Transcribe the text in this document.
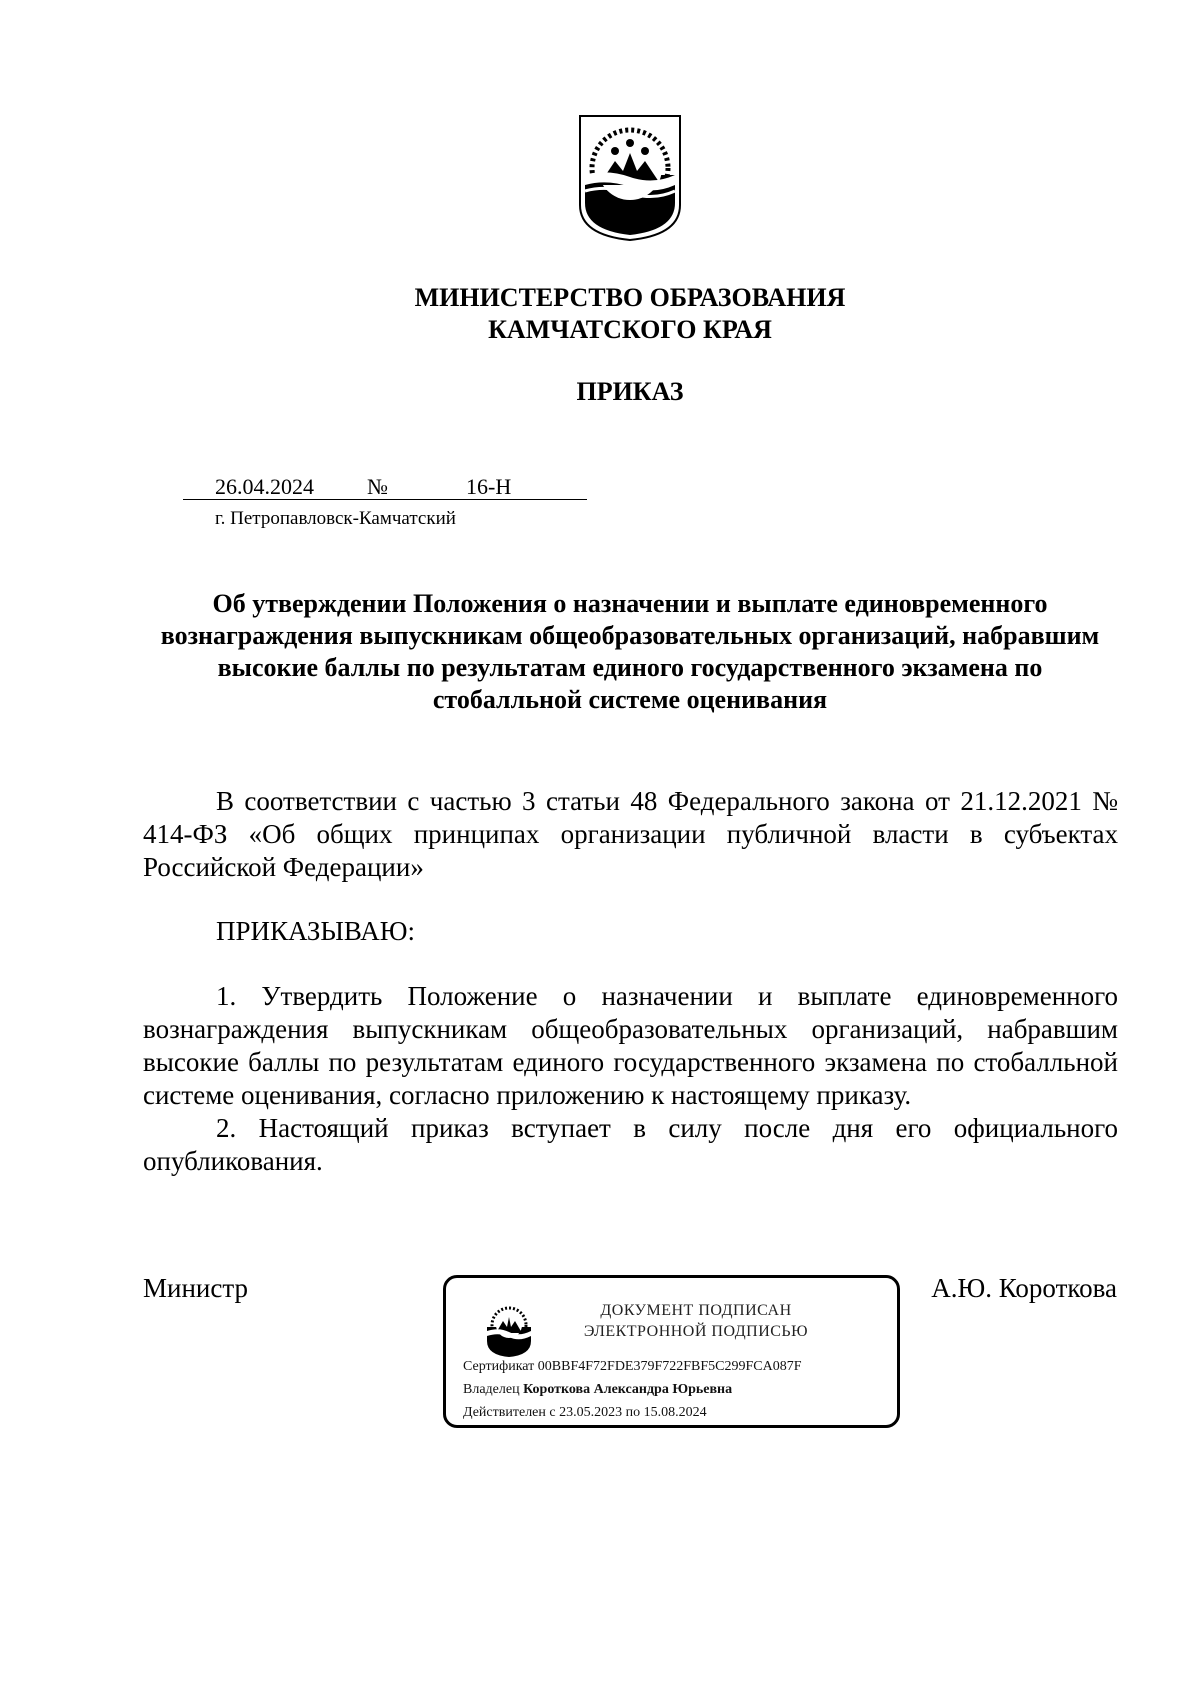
МИНИСТЕРСТВО ОБРАЗОВАНИЯ
КАМЧАТСКОГО КРАЯ
ПРИКАЗ
26.04.2024 №	16-Н
г. Петропавловск-Камчатский
Об утверждении Положения о назначении и выплате единовременного вознаграждения выпускникам общеобразовательных организаций, набравшим высокие баллы по результатам единого государственного экзамена по стобалльной системе оценивания

В соответствии с частью 3 статьи 48 Федерального закона от 21.12.2021 № 414-ФЗ «Об общих принципах организации публичной власти в субъектах Российской Федерации»

ПРИКАЗЫВАЮ:

1. Утвердить Положение о назначении и выплате единовременного вознаграждения выпускникам общеобразовательных организаций, набравшим высокие баллы по результатам единого государственного экзамена по стобалльной системе оценивания, согласно приложению к настоящему приказу.

2. Настоящий приказ вступает в силу после дня его официального опубликования.

Министр	А.Ю. Короткова
ДОКУМЕНТ ПОДПИСАН
ЭЛЕКТРОННОЙ ПОДПИСЬЮ
Сертификат 00BBF4F72FDE379F722FBF5C299FCA087F
Владелец Короткова Александра Юрьевна
Действителен с 23.05.2023 по 15.08.2024
